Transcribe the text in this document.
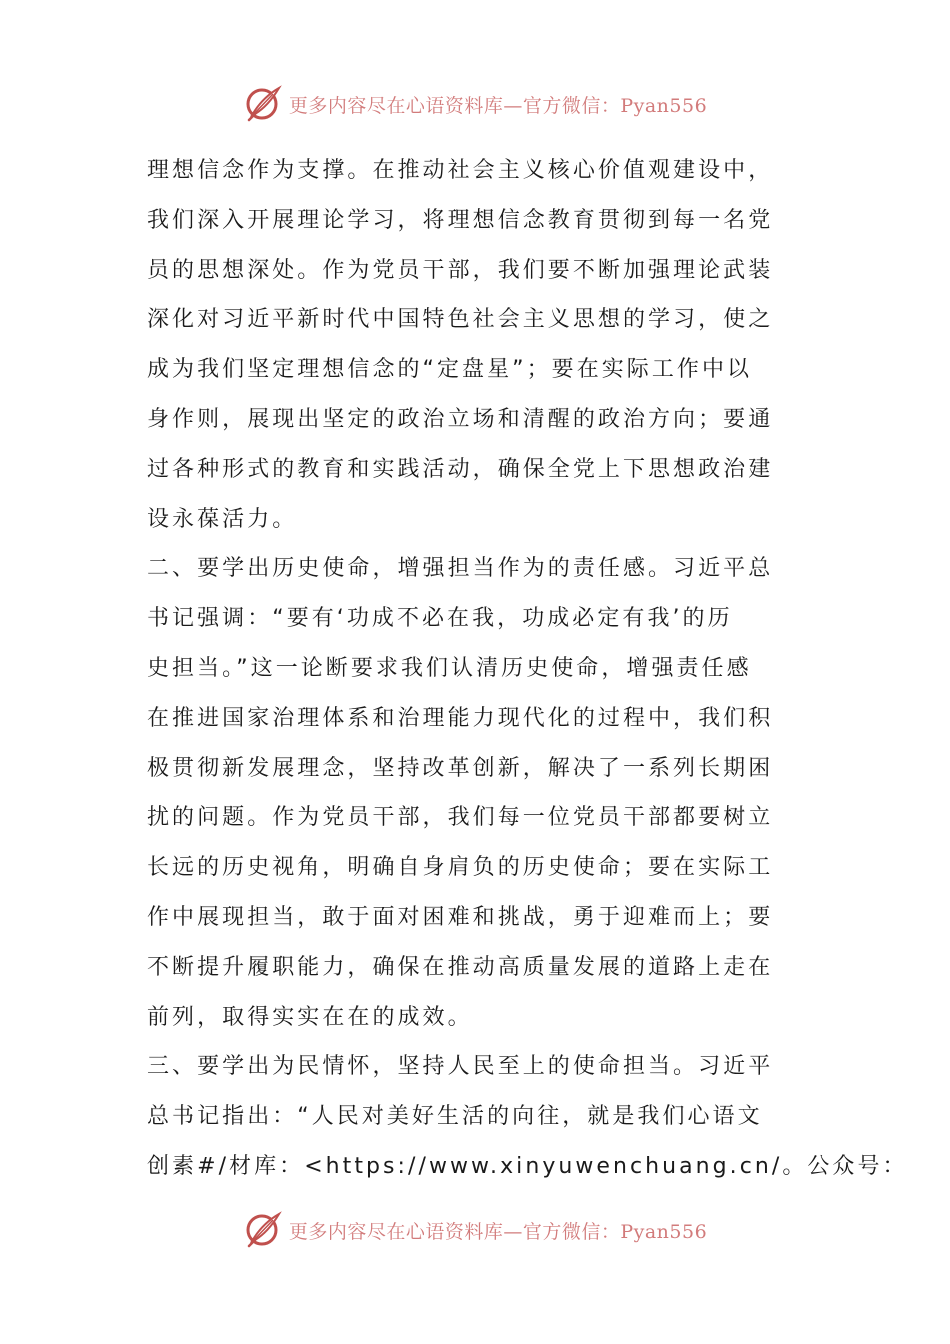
更多内容尽在心语资料库—官方微信：Pyan556
理想信念作为支撑。在推动社会主义核心价值观建设中，
我们深入开展理论学习，将理想信念教育贯彻到每一名党
员的思想深处。作为党员干部，我们要不断加强理论武装
深化对习近平新时代中国特色社会主义思想的学习，使之
成为我们坚定理想信念的“定盘星”；要在实际工作中以
身作则，展现出坚定的政治立场和清醒的政治方向；要通
过各种形式的教育和实践活动，确保全党上下思想政治建
设永葆活力。
二、要学出历史使命，增强担当作为的责任感。习近平总
书记强调：“要有‘功成不必在我，功成必定有我’的历
史担当。”这一论断要求我们认清历史使命，增强责任感
在推进国家治理体系和治理能力现代化的过程中，我们积
极贯彻新发展理念，坚持改革创新，解决了一系列长期困
扰的问题。作为党员干部，我们每一位党员干部都要树立
长远的历史视角，明确自身肩负的历史使命；要在实际工
作中展现担当，敢于面对困难和挑战，勇于迎难而上；要
不断提升履职能力，确保在推动高质量发展的道路上走在
前列，取得实实在在的成效。
三、要学出为民情怀，坚持人民至上的使命担当。习近平
总书记指出：“人民对美好生活的向往，就是我们心语文
创素#/材库：<https://www.xinyuwenchuang.cn/。公众号：
更多内容尽在心语资料库—官方微信：Pyan556
